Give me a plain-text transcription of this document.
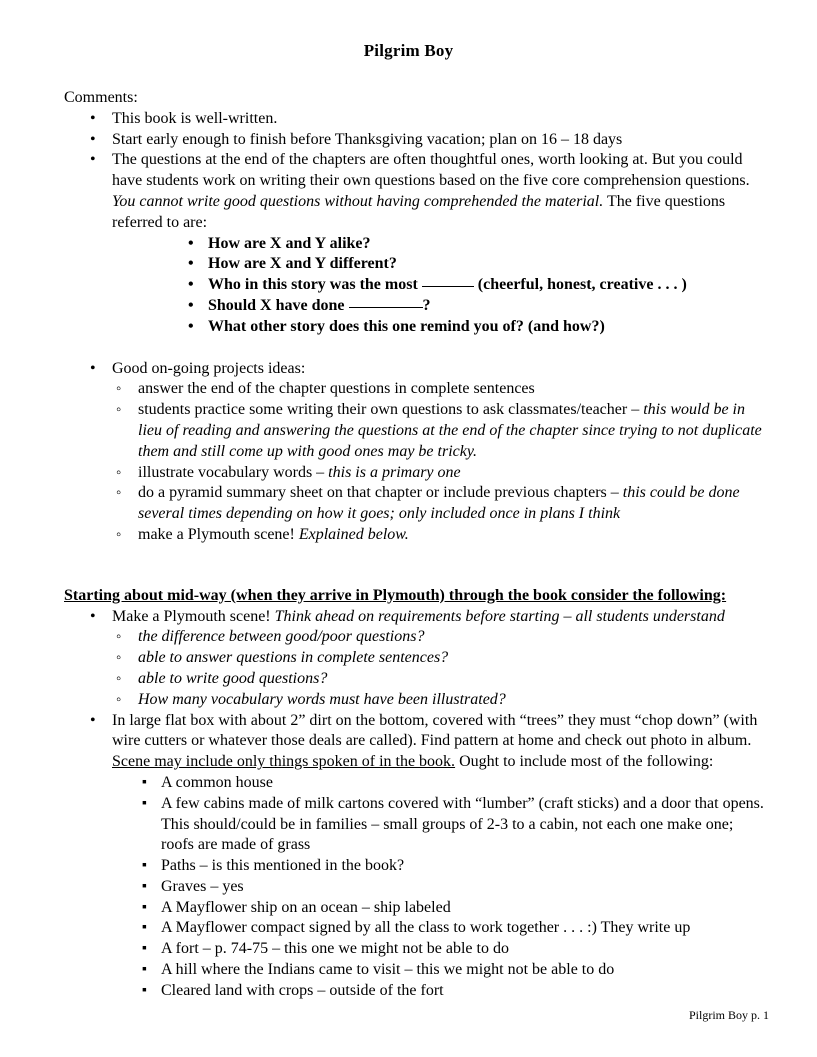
Pilgrim Boy

Comments:

• This book is well-written.
• Start early enough to finish before Thanksgiving vacation; plan on 16 – 18 days
• The questions at the end of the chapters are often thoughtful ones, worth looking at. But you could have students work on writing their own questions based on the five core comprehension questions. You cannot write good questions without having comprehended the material. The five questions referred to are:
• How are X and Y alike?
• How are X and Y different?
• Who in this story was the most	(cheerful, honest, creative . . . )
• Should X have done	?
• What other story does this one remind you of? (and how?)
• Good on-going projects ideas:
◦ answer the end of the chapter questions in complete sentences
◦ students practice some writing their own questions to ask classmates/teacher – this would be in lieu of reading and answering the questions at the end of the chapter since trying to not duplicate them and still come up with good ones may be tricky.
◦ illustrate vocabulary words – this is a primary one
◦ do a pyramid summary sheet on that chapter or include previous chapters – this could be done several times depending on how it goes; only included once in plans I think
◦ make a Plymouth scene! Explained below.

Starting about mid-way (when they arrive in Plymouth) through the book consider the following:

• Make a Plymouth scene! Think ahead on requirements before starting – all students understand
◦ the difference between good/poor questions?
◦ able to answer questions in complete sentences?
◦ able to write good questions?
◦ How many vocabulary words must have been illustrated?
• In large flat box with about 2” dirt on the bottom, covered with “trees” they must “chop down” (with wire cutters or whatever those deals are called). Find pattern at home and check out photo in album. Scene may include only things spoken of in the book. Ought to include most of the following:
▪ A common house
▪ A few cabins made of milk cartons covered with “lumber” (craft sticks) and a door that opens. This should/could be in families – small groups of 2-3 to a cabin, not each one make one; roofs are made of grass
▪ Paths – is this mentioned in the book?
▪ Graves – yes
▪ A Mayflower ship on an ocean – ship labeled
▪ A Mayflower compact signed by all the class to work together . . . :) They write up
▪ A fort – p. 74-75 – this one we might not be able to do
▪ A hill where the Indians came to visit – this we might not be able to do
▪ Cleared land with crops – outside of the fort
Pilgrim Boy p. 1
